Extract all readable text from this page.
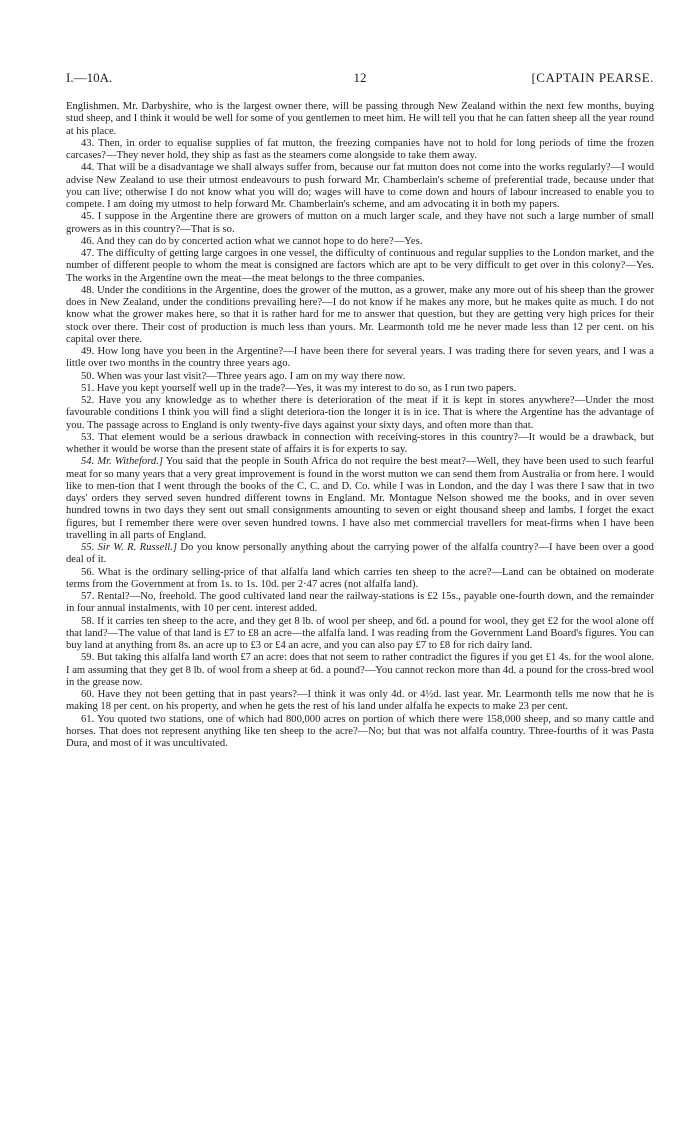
I.—10A.	12	[CAPTAIN PEARSE.

Englishmen. Mr. Darbyshire, who is the largest owner there, will be passing through New Zealand within the next few months, buying stud sheep, and I think it would be well for some of you gentlemen to meet him. He will tell you that he can fatten sheep all the year round at his place.

43. Then, in order to equalise supplies of fat mutton, the freezing companies have not to hold for long periods of time the frozen carcases?—They never hold, they ship as fast as the steamers come alongside to take them away.

44. That will be a disadvantage we shall always suffer from, because our fat mutton does not come into the works regularly?—I would advise New Zealand to use their utmost endeavours to push forward Mr. Chamberlain's scheme of preferential trade, because under that you can live; otherwise I do not know what you will do; wages will have to come down and hours of labour increased to enable you to compete. I am doing my utmost to help forward Mr. Chamberlain's scheme, and am advocating it in both my papers.

45. I suppose in the Argentine there are growers of mutton on a much larger scale, and they have not such a large number of small growers as in this country?—That is so.

46. And they can do by concerted action what we cannot hope to do here?—Yes.

47. The difficulty of getting large cargoes in one vessel, the difficulty of continuous and regular supplies to the London market, and the number of different people to whom the meat is consigned are factors which are apt to be very difficult to get over in this colony?—Yes. The works in the Argentine own the meat—the meat belongs to the three companies.

48. Under the conditions in the Argentine, does the grower of the mutton, as a grower, make any more out of his sheep than the grower does in New Zealand, under the conditions prevailing here?—I do not know if he makes any more, but he makes quite as much. I do not know what the grower makes here, so that it is rather hard for me to answer that question, but they are getting very high prices for their stock over there. Their cost of production is much less than yours. Mr. Learmonth told me he never made less than 12 per cent. on his capital over there.

49. How long have you been in the Argentine?—I have been there for several years. I was trading there for seven years, and I was a little over two months in the country three years ago.

50. When was your last visit?—Three years ago. I am on my way there now.

51. Have you kept yourself well up in the trade?—Yes, it was my interest to do so, as I run two papers.

52. Have you any knowledge as to whether there is deterioration of the meat if it is kept in stores anywhere?—Under the most favourable conditions I think you will find a slight deteriora-tion the longer it is in ice. That is where the Argentine has the advantage of you. The passage across to England is only twenty-five days against your sixty days, and often more than that.

53. That element would be a serious drawback in connection with receiving-stores in this country?—It would be a drawback, but whether it would be worse than the present state of affairs it is for experts to say.

54. Mr. Witheford.] You said that the people in South Africa do not require the best meat?—Well, they have been used to such fearful meat for so many years that a very great improvement is found in the worst mutton we can send them from Australia or from here. I would like to men-tion that I went through the books of the C. C. and D. Co. while I was in London, and the day I was there I saw that in two days' orders they served seven hundred different towns in England. Mr. Montague Nelson showed me the books, and in over seven hundred towns in two days they sent out small consignments amounting to seven or eight thousand sheep and lambs. I forget the exact figures, but I remember there were over seven hundred towns. I have also met commercial travellers for meat-firms when I have been travelling in all parts of England.

55. Sir W. R. Russell.] Do you know personally anything about the carrying power of the alfalfa country?—I have been over a good deal of it.

56. What is the ordinary selling-price of that alfalfa land which carries ten sheep to the acre?—Land can be obtained on moderate terms from the Government at from 1s. to 1s. 10d. per 2·47 acres (not alfalfa land).

57. Rental?—No, freehold. The good cultivated land near the railway-stations is £2 15s., payable one-fourth down, and the remainder in four annual instalments, with 10 per cent. interest added.

58. If it carries ten sheep to the acre, and they get 8 lb. of wool per sheep, and 6d. a pound for wool, they get £2 for the wool alone off that land?—The value of that land is £7 to £8 an acre—the alfalfa land. I was reading from the Government Land Board's figures. You can buy land at anything from 8s. an acre up to £3 or £4 an acre, and you can also pay £7 to £8 for rich dairy land.

59. But taking this alfalfa land worth £7 an acre: does that not seem to rather contradict the figures if you get £1 4s. for the wool alone. I am assuming that they get 8 lb. of wool from a sheep at 6d. a pound?—You cannot reckon more than 4d. a pound for the cross-bred wool in the grease now.

60. Have they not been getting that in past years?—I think it was only 4d. or 4½d. last year. Mr. Learmonth tells me now that he is making 18 per cent. on his property, and when he gets the rest of his land under alfalfa he expects to make 23 per cent.

61. You quoted two stations, one of which had 800,000 acres on portion of which there were 158,000 sheep, and so many cattle and horses. That does not represent anything like ten sheep to the acre?—No; but that was not alfalfa country. Three-fourths of it was Pasta Dura, and most of it was uncultivated.
